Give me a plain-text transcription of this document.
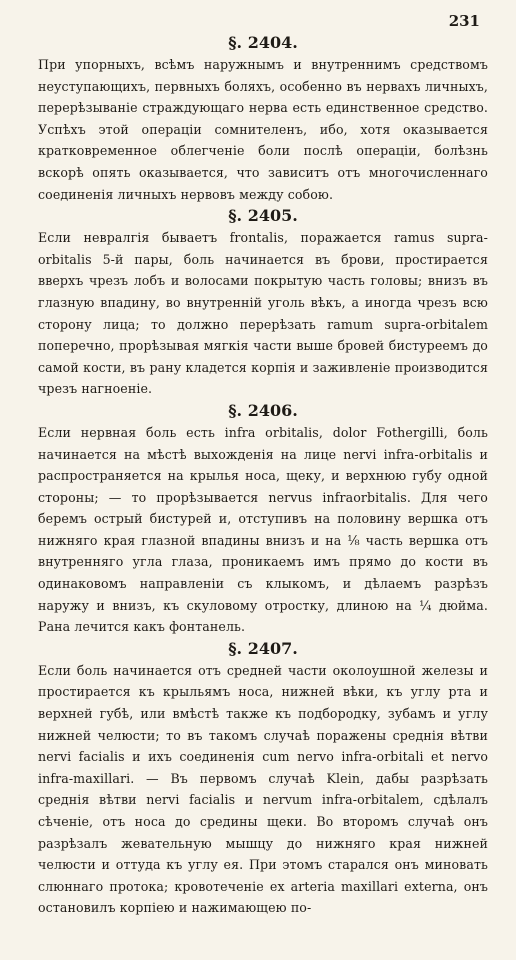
231
§. 2404.

При упорныхъ, всѣмъ наружнымъ и внутреннимъ средствомъ неуступающихъ, первныхъ боляхъ, особенно въ нервахъ личныхъ, перерѣзываніе страждующаго нерва есть единственное средство. Успѣхъ этой операціи сомнителенъ, ибо, хотя оказывается кратковременное облегченіе боли послѣ операціи, болѣзнь вскорѣ опять оказывается, что зависитъ отъ многочисленнаго соединенія личныхъ нервовъ между собою.

§. 2405.

Если невралгія бываетъ frontalis, поражается ramus supra-orbitalis 5-й пары, боль начинается въ брови, простирается вверхъ чрезъ лобъ и волосами покрытую часть головы; внизъ въ глазную впадину, во внутренній уголь вѣкъ, а иногда чрезъ всю сторону лица; то должно перерѣзать ramum supra-orbitalem поперечно, прорѣзывая мягкія части выше бровей бистуреемъ до самой кости, въ рану кладется корпія и заживленіе производится чрезъ нагноеніе.

§. 2406.

Если нервная боль есть infra orbitalis, dolor Fothergilli, боль начинается на мѣстѣ выхожденія на лице nervi infra-orbitalis и распространяется на крылья носа, щеку, и верхнюю губу одной стороны; — то прорѣзывается nervus infraorbitalis. Для чего беремъ острый бистурей и, отступивъ на половину вершка отъ нижняго края глазной впадины внизъ и на ⅛ часть вершка отъ внутренняго угла глаза, проникаемъ имъ прямо до кости въ одинаковомъ направленіи съ клыкомъ, и дѣлаемъ разрѣзъ наружу и внизъ, къ скуловому отростку, длиною на ¼ дюйма. Рана лечится какъ фонтанель.

§. 2407.

Если боль начинается отъ средней части околоушной железы и простирается къ крыльямъ носа, нижней вѣки, къ углу рта и верхней губѣ, или вмѣстѣ также къ подбородку, зубамъ и углу нижней челюсти; то въ такомъ случаѣ поражены среднія вѣтви nervi facialis и ихъ соединенія cum nervo infra-orbitali et nervo infra-maxillari. — Въ первомъ случаѣ Klein, дабы разрѣзать среднія вѣтви nervi facialis и nervum infra-orbitalem, сдѣлалъ сѣченіе, отъ носа до средины щеки. Во второмъ случаѣ онъ разрѣзалъ жевательную мышцу до нижняго края нижней челюсти и оттуда къ углу ея. При этомъ старался онъ миновать слюннаго протока; кровотеченіе ex arteria maxillari externa, онъ остановилъ корпіею и нажимающею по-
